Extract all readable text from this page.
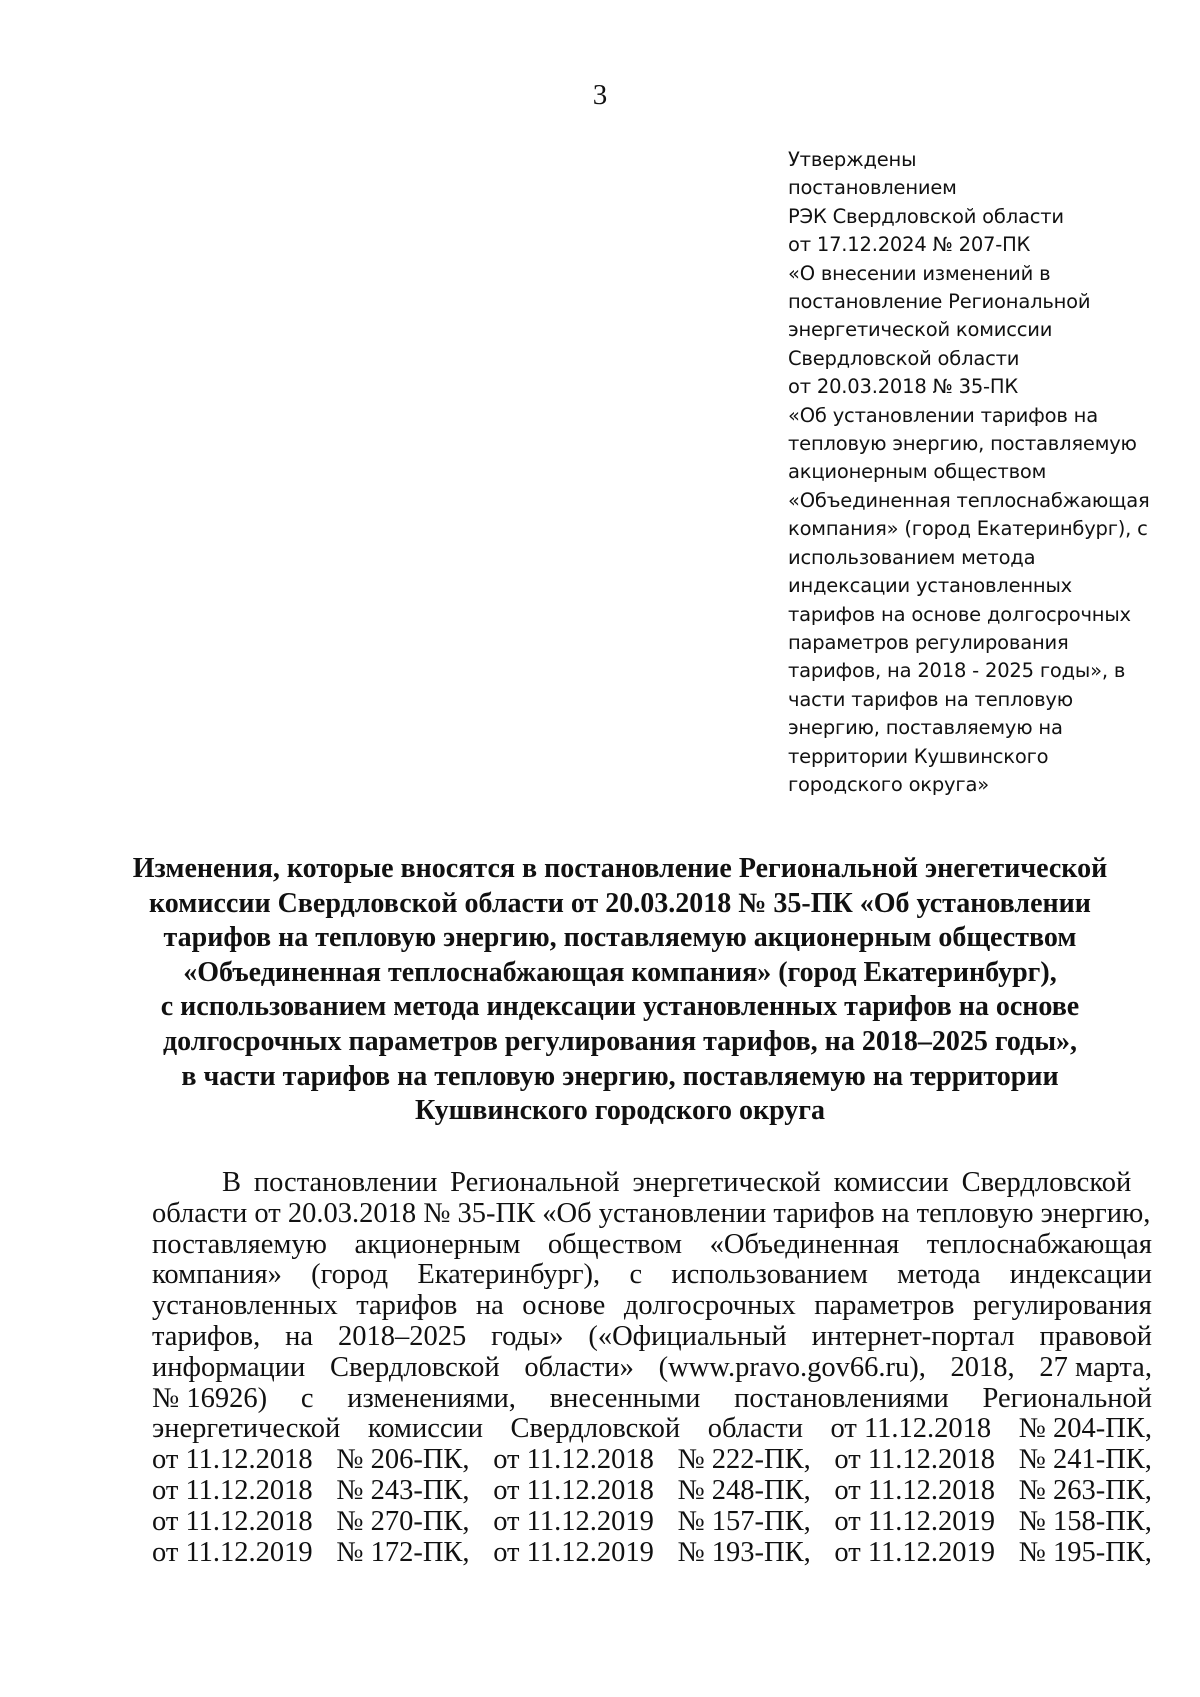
3
Утверждены
постановлением
РЭК Свердловской области
от 17.12.2024 № 207-ПК
«О внесении изменений в
постановление Региональной
энергетической комиссии
Свердловской области
от 20.03.2018 № 35-ПК
«Об установлении тарифов на
тепловую энергию, поставляемую
акционерным обществом
«Объединенная теплоснабжающая
компания» (город Екатеринбург), с
использованием метода
индексации установленных
тарифов на основе долгосрочных
параметров регулирования
тарифов, на 2018 - 2025 годы», в
части тарифов на тепловую
энергию, поставляемую на
территории Кушвинского
городского округа»
Изменения, которые вносятся в постановление Региональной энегетической
комиссии Свердловской области от 20.03.2018 № 35-ПК «Об установлении
тарифов на тепловую энергию, поставляемую акционерным обществом
«Объединенная теплоснабжающая компания» (город Екатеринбург),
с использованием метода индексации установленных тарифов на основе
долгосрочных параметров регулирования тарифов, на 2018–2025 годы»,
в части тарифов на тепловую энергию, поставляемую на территории
Кушвинского городского округа
В постановлении Региональной энергетической комиссии Свердловской
области от 20.03.2018 № 35-ПК «Об установлении тарифов на тепловую энергию,
поставляемую акционерным обществом «Объединенная теплоснабжающая
компания» (город Екатеринбург), с использованием метода индексации
установленных тарифов на основе долгосрочных параметров регулирования
тарифов, на 2018–2025 годы» («Официальный интернет-портал правовой
информации Свердловской области» (www.pravo.gov66.ru), 2018, 27 марта,
№ 16926) с изменениями, внесенными постановлениями Региональной
энергетической комиссии Свердловской области от 11.12.2018 № 204-ПК,
от 11.12.2018 № 206-ПК, от 11.12.2018 № 222-ПК, от 11.12.2018 № 241-ПК,
от 11.12.2018 № 243-ПК, от 11.12.2018 № 248-ПК, от 11.12.2018 № 263-ПК,
от 11.12.2018 № 270-ПК, от 11.12.2019 № 157-ПК, от 11.12.2019 № 158-ПК,
от 11.12.2019 № 172-ПК, от 11.12.2019 № 193-ПК, от 11.12.2019 № 195-ПК,
